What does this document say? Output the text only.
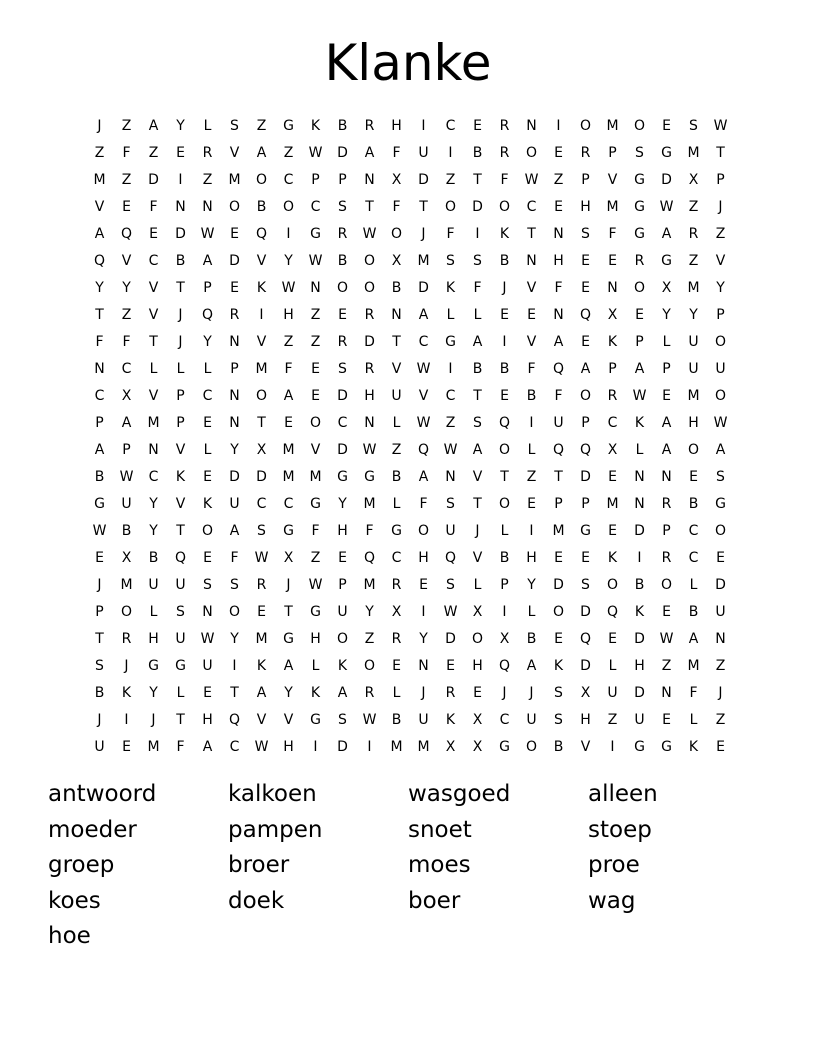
Klanke
J	Z	A	Y	L	S	Z	G	K	B	R	H	I	C	E	R	N	I	O	M	O	E	S	W
Z	F	Z	E	R	V	A	Z	W	D	A	F	U	I	B	R	O	E	R	P	S	G	M	T
M	Z	D	I	Z	M	O	C	P	P	N	X	D	Z	T	F	W	Z	P	V	G	D	X	P
V	E	F	N	N	O	B	O	C	S	T	F	T	O	D	O	C	E	H	M	G	W	Z	J
A	Q	E	D	W	E	Q	I	G	R	W	O	J	F	I	K	T	N	S	F	G	A	R	Z
Q	V	C	B	A	D	V	Y	W	B	O	X	M	S	S	B	N	H	E	E	R	G	Z	V
Y	Y	V	T	P	E	K	W	N	O	O	B	D	K	F	J	V	F	E	N	O	X	M	Y
T	Z	V	J	Q	R	I	H	Z	E	R	N	A	L	L	E	E	N	Q	X	E	Y	Y	P
F	F	T	J	Y	N	V	Z	Z	R	D	T	C	G	A	I	V	A	E	K	P	L	U	O
N	C	L	L	L	P	M	F	E	S	R	V	W	I	B	B	F	Q	A	P	A	P	U	U
C	X	V	P	C	N	O	A	E	D	H	U	V	C	T	E	B	F	O	R	W	E	M	O
P	A	M	P	E	N	T	E	O	C	N	L	W	Z	S	Q	I	U	P	C	K	A	H	W
A	P	N	V	L	Y	X	M	V	D	W	Z	Q	W	A	O	L	Q	Q	X	L	A	O	A
B	W	C	K	E	D	D	M	M	G	G	B	A	N	V	T	Z	T	D	E	N	N	E	S
G	U	Y	V	K	U	C	C	G	Y	M	L	F	S	T	O	E	P	P	M	N	R	B	G
W	B	Y	T	O	A	S	G	F	H	F	G	O	U	J	L	I	M	G	E	D	P	C	O
E	X	B	Q	E	F	W	X	Z	E	Q	C	H	Q	V	B	H	E	E	K	I	R	C	E
J	M	U	U	S	S	R	J	W	P	M	R	E	S	L	P	Y	D	S	O	B	O	L	D
P	O	L	S	N	O	E	T	G	U	Y	X	I	W	X	I	L	O	D	Q	K	E	B	U
T	R	H	U	W	Y	M	G	H	O	Z	R	Y	D	O	X	B	E	Q	E	D	W	A	N
S	J	G	G	U	I	K	A	L	K	O	E	N	E	H	Q	A	K	D	L	H	Z	M	Z
B	K	Y	L	E	T	A	Y	K	A	R	L	J	R	E	J	J	S	X	U	D	N	F	J
J	I	J	T	H	Q	V	V	G	S	W	B	U	K	X	C	U	S	H	Z	U	E	L	Z
U	E	M	F	A	C	W	H	I	D	I	M	M	X	X	G	O	B	V	I	G	G	K	E
antwoord	kalkoen	wasgoed	alleen
moeder	pampen	snoet	stoep
groep	broer	moes	proe
koes	doek	boer	wag
hoe
